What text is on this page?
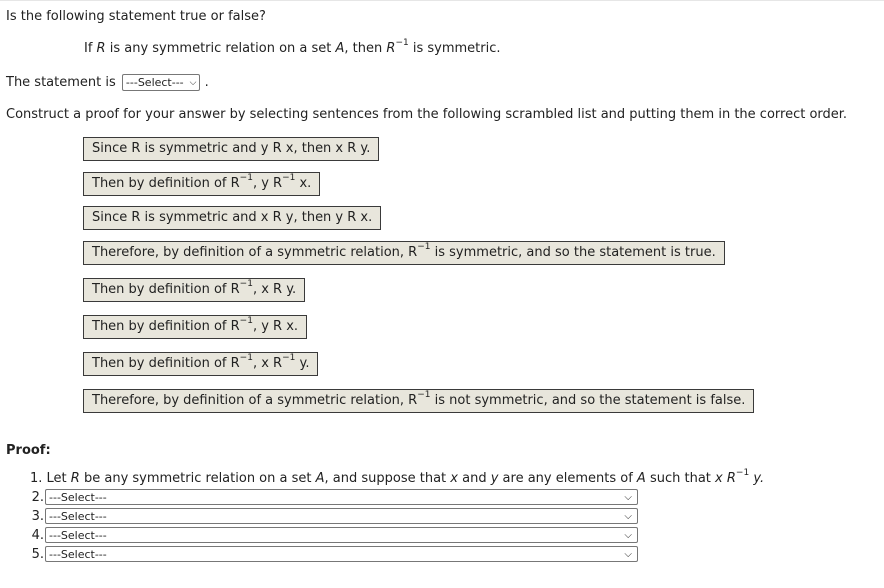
Is the following statement true or false?
If R is any symmetric relation on a set A, then $R^{-1}$ is symmetric.
The statement is ---Select--- ⌵ .
Construct a proof for your answer by selecting sentences from the following scrambled list and putting them in the correct order.
Since R is symmetric and y R x, then x R y.
Then by definition of $R^{-1}$, y $R^{-1}$ x.
Since R is symmetric and x R y, then y R x.
Therefore, by definition of a symmetric relation, $R^{-1}$ is symmetric, and so the statement is true.
Then by definition of $R^{-1}$, x R y.
Then by definition of $R^{-1}$, y R x.
Then by definition of $R^{-1}$, x $R^{-1}$ y.
Therefore, by definition of a symmetric relation, $R^{-1}$ is not symmetric, and so the statement is false.
Proof:
1. Let R be any symmetric relation on a set A, and suppose that x and y are any elements of A such that x $R^{-1}$ y.
2. ---Select---	⌵
3. ---Select---	⌵
4. ---Select---	⌵
5. ---Select---	⌵
